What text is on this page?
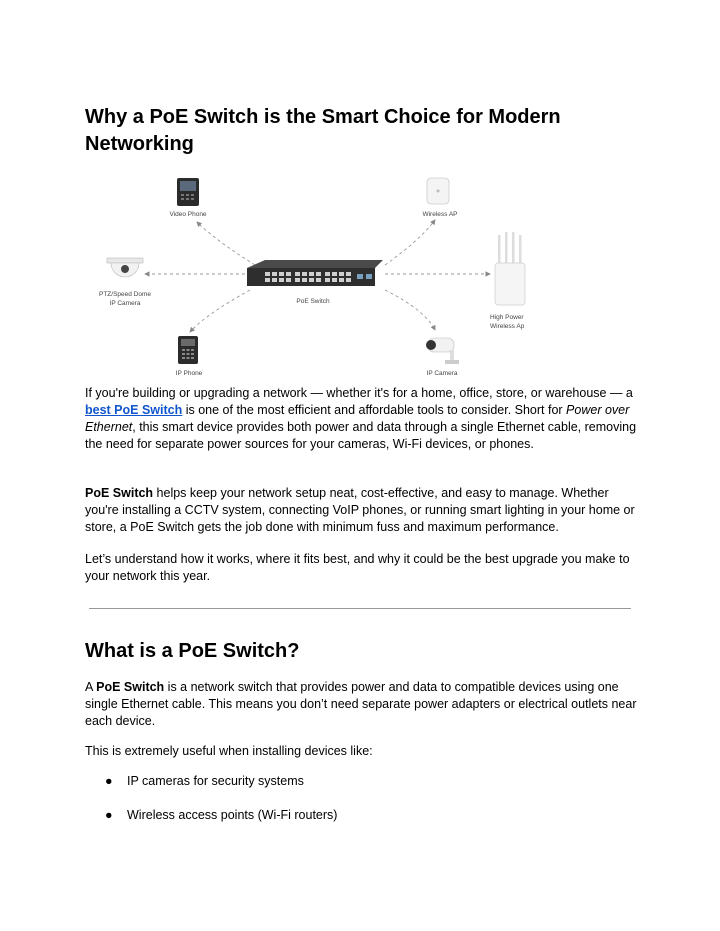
Why a PoE Switch is the Smart Choice for Modern Networking
Video Phone	Wireless AP
PTZ/Speed Dome
IP Camera	PoE Switch
High Power
Wireless Ap
IP Phone	IP Camera

If you're building or upgrading a network — whether it's for a home, office, store, or warehouse — a best PoE Switch is one of the most efficient and affordable tools to consider. Short for Power over Ethernet, this smart device provides both power and data through a single Ethernet cable, removing the need for separate power sources for your cameras, Wi-Fi devices, or phones.

PoE Switch helps keep your network setup neat, cost-effective, and easy to manage. Whether you're installing a CCTV system, connecting VoIP phones, or running smart lighting in your home or store, a PoE Switch gets the job done with minimum fuss and maximum performance.

Let’s understand how it works, where it fits best, and why it could be the best upgrade you make to your network this year.

What is a PoE Switch?

A PoE Switch is a network switch that provides power and data to compatible devices using one single Ethernet cable. This means you don’t need separate power adapters or electrical outlets near each device.

This is extremely useful when installing devices like:

● IP cameras for security systems
● Wireless access points (Wi-Fi routers)
